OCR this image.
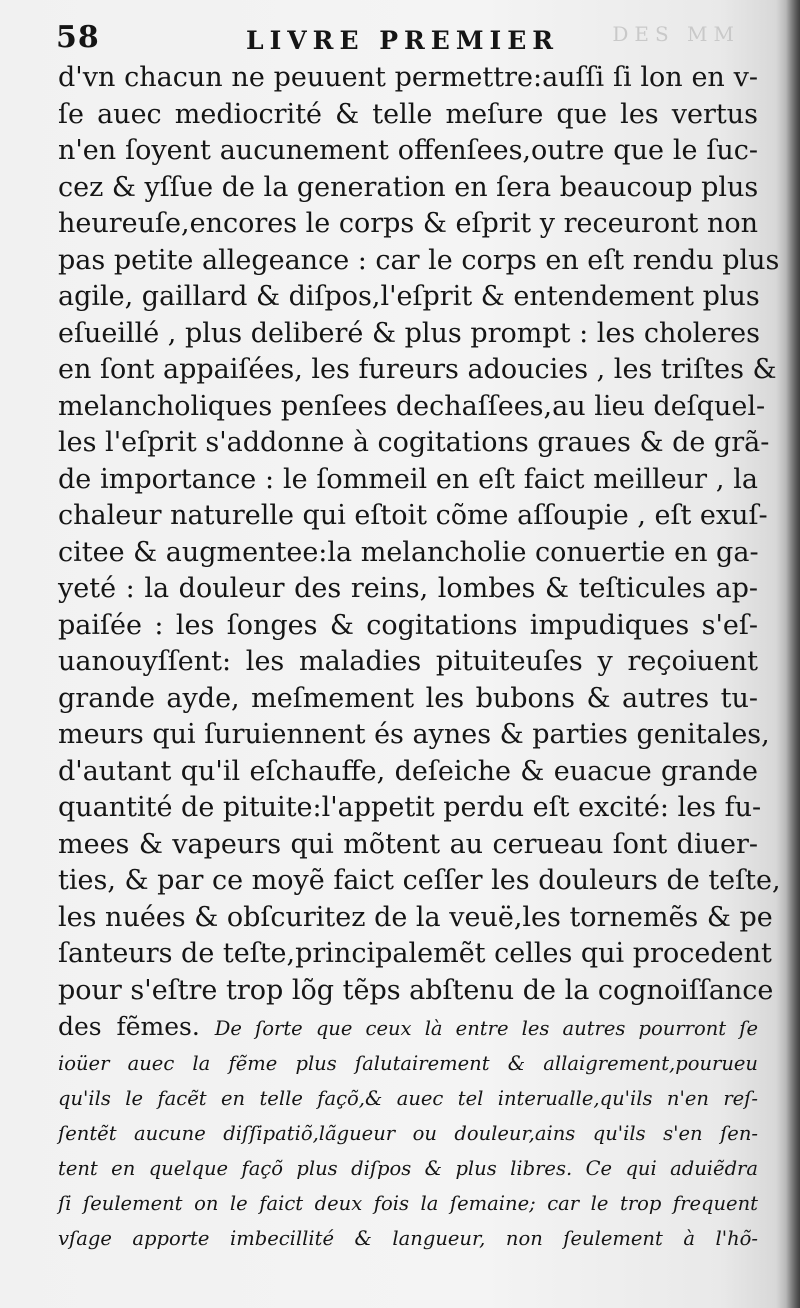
58	LIVRE PREMIER	DES MM
d'vn chacun ne peuuent permettre:auſſi ſi lon en v-
ſe auec mediocrité & telle meſure que les vertus
n'en ſoyent aucunement offenſees,outre que le ſuc-
cez & yſſue de la generation en ſera beaucoup plus
heureuſe,encores le corps & eſprit y receuront non
pas petite allegeance : car le corps en eſt rendu plus
agile, gaillard & diſpos,l'eſprit & entendement plus
eſueillé , plus deliberé & plus prompt : les choleres
en ſont appaiſées, les fureurs adoucies , les triſtes &
melancholiques penſees dechaſſees,au lieu deſquel-
les l'eſprit s'addonne à cogitations graues & de grã-
de importance : le ſommeil en eſt faict meilleur , la
chaleur naturelle qui eſtoit cõme aſſoupie , eſt exuſ-
citee & augmentee:la melancholie conuertie en ga-
yeté : la douleur des reins, lombes & teſticules ap-
paiſée : les ſonges & cogitations impudiques s'eſ-
uanouyſſent: les maladies pituiteuſes y reçoiuent
grande ayde, meſmement les bubons & autres tu-
meurs qui ſuruiennent és aynes & parties genitales,
d'autant qu'il eſchauffe, deſeiche & euacue grande
quantité de pituite:l'appetit perdu eſt excité: les fu-
mees & vapeurs qui mõtent au cerueau ſont diuer-
ties, & par ce moyẽ faict ceſſer les douleurs de teſte,
les nuées & obſcuritez de la veuë,les tornemẽs & pe
ſanteurs de teſte,principalemẽt celles qui procedent
pour s'eſtre trop lõg tẽps abſtenu de la cognoiſſance
des fẽmes. De ſorte que ceux là entre les autres pourront ſe
ioüer auec la fẽme plus ſalutairement & allaigrement,pourueu
qu'ils le facẽt en telle façõ,& auec tel interualle,qu'ils n'en reſ-
ſentẽt aucune diſſipatiõ,lãgueur ou douleur,ains qu'ils s'en ſen-
tent en quelque façõ plus diſpos & plus libres. Ce qui aduiẽdra
ſi ſeulement on le faict deux fois la ſemaine; car le trop frequent
vſage apporte imbecillité & langueur, non ſeulement à l'hõ-
